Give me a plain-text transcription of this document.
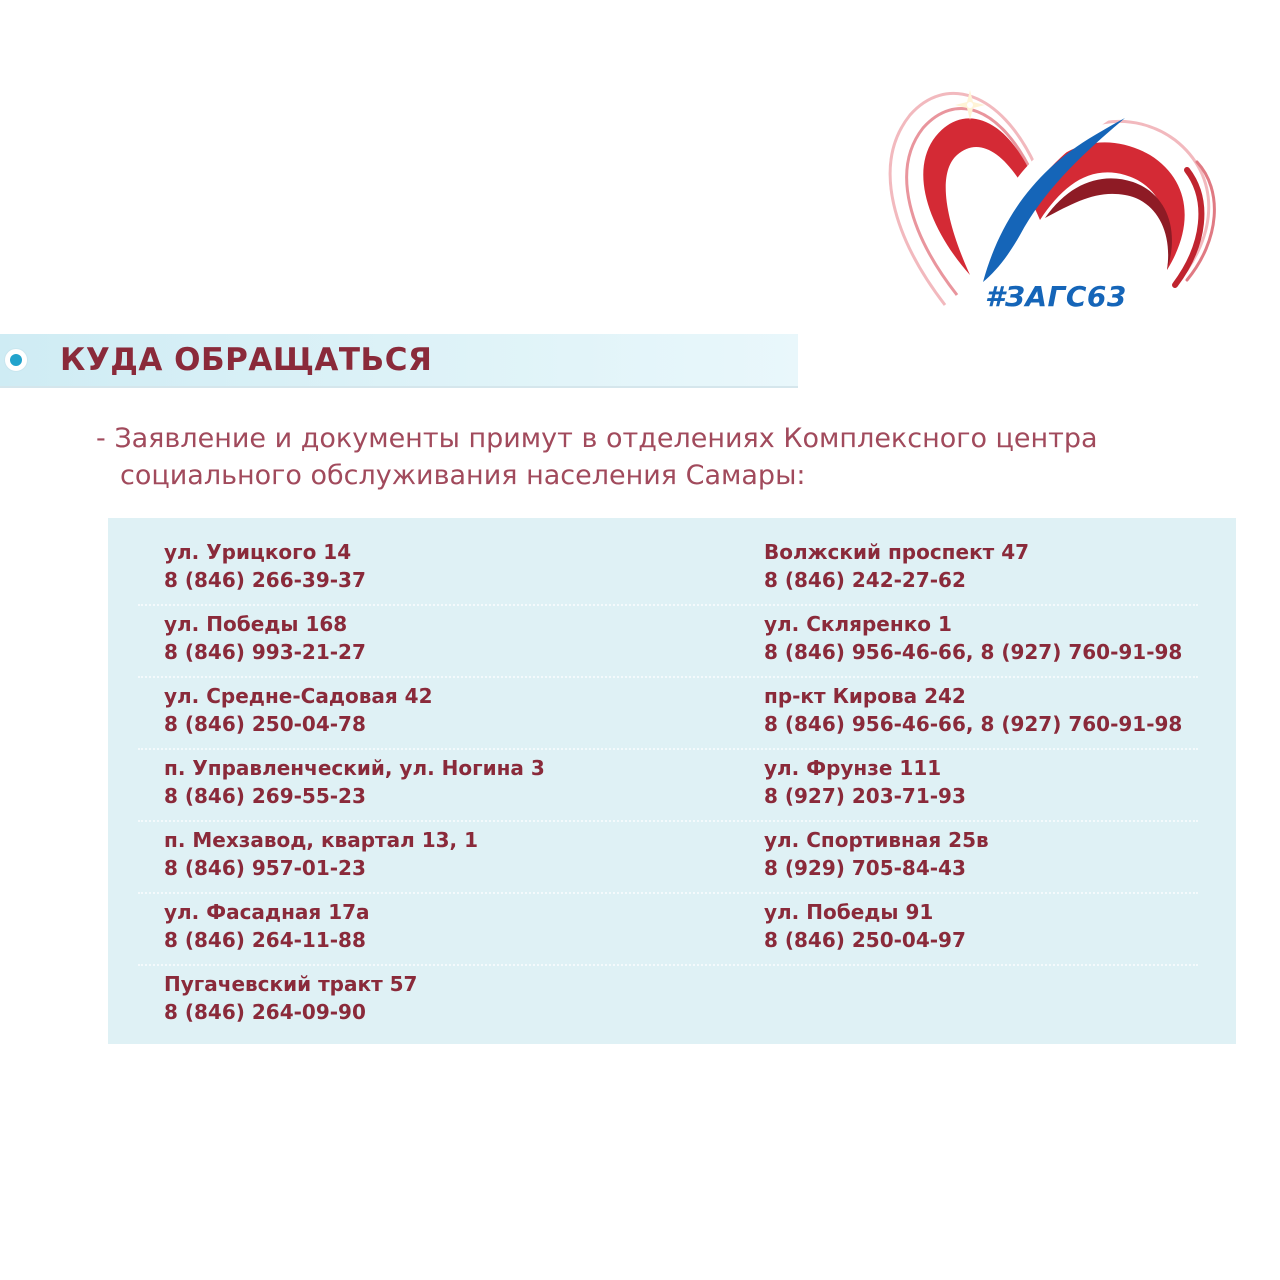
#ЗАГС63
КУДА ОБРАЩАТЬСЯ
- Заявление и документы примут в отделениях Комплексного центра
социального обслуживания населения Самары:
ул. Урицкого 14
8 (846) 266-39-37
ул. Победы 168
8 (846) 993-21-27
ул. Средне-Садовая 42
8 (846) 250-04-78
п. Управленческий, ул. Ногина 3
8 (846) 269-55-23
п. Мехзавод, квартал 13, 1
8 (846) 957-01-23
ул. Фасадная 17а
8 (846) 264-11-88
Пугачевский тракт 57
8 (846) 264-09-90
Волжский проспект 47
8 (846) 242-27-62
ул. Скляренко 1
8 (846) 956-46-66, 8 (927) 760-91-98
пр-кт Кирова 242
8 (846) 956-46-66, 8 (927) 760-91-98
ул. Фрунзе 111
8 (927) 203-71-93
ул. Спортивная 25в
8 (929) 705-84-43
ул. Победы 91
8 (846) 250-04-97
